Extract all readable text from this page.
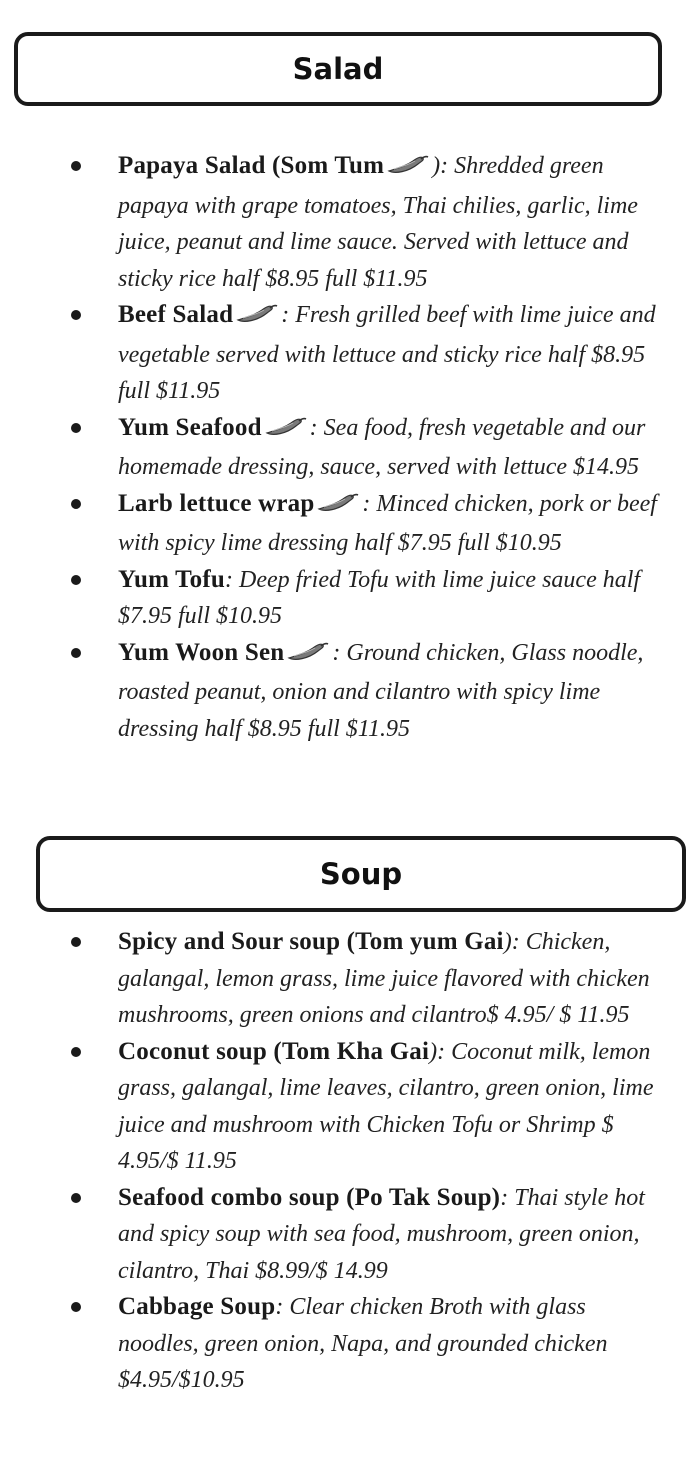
Salad
Papaya Salad (Som Tum ): Shredded green papaya with grape tomatoes, Thai chilies, garlic, lime juice, peanut and lime sauce. Served with lettuce and sticky rice half $8.95 full $11.95
Beef Salad : Fresh grilled beef with lime juice and vegetable served with lettuce and sticky rice half $8.95 full $11.95
Yum Seafood : Sea food, fresh vegetable and our homemade dressing, sauce, served with lettuce $14.95
Larb lettuce wrap : Minced chicken, pork or beef with spicy lime dressing half $7.95 full $10.95
Yum Tofu: Deep fried Tofu with lime juice sauce half $7.95 full $10.95
Yum Woon Sen : Ground chicken, Glass noodle, roasted peanut, onion and cilantro with spicy lime dressing half $8.95 full $11.95
Soup
Spicy and Sour soup (Tom yum Gai): Chicken, galangal, lemon grass, lime juice flavored with chicken mushrooms, green onions and cilantro$ 4.95/ $ 11.95
Coconut soup (Tom Kha Gai): Coconut milk, lemon grass, galangal, lime leaves, cilantro, green onion, lime juice and mushroom with Chicken Tofu or Shrimp $ 4.95/$ 11.95
Seafood combo soup (Po Tak Soup): Thai style hot and spicy soup with sea food, mushroom, green onion, cilantro, Thai $8.99/$ 14.99
Cabbage Soup: Clear chicken Broth with glass noodles, green onion, Napa, and grounded chicken $4.95/$10.95
